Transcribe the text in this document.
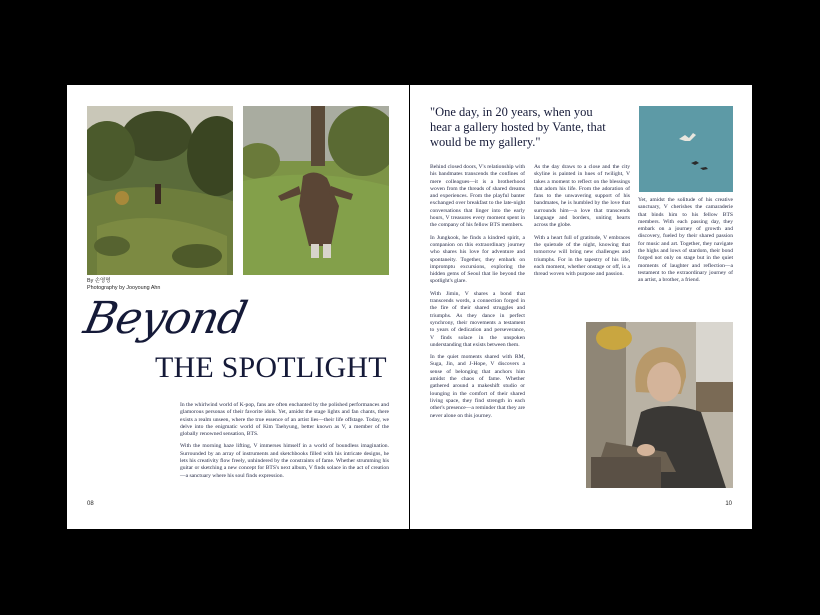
By 손영명
Photography by Jooyoung Ahn
Beyond
THE SPOTLIGHT

In the whirlwind world of K-pop, fans are often enchanted by the polished performances and glamorous personas of their favorite idols. Yet, amidst the stage lights and fan chants, there exists a realm unseen, where the true essence of an artist lies—their life offstage. Today, we delve into the enigmatic world of Kim Taehyung, better known as V, a member of the globally renowned sensation, BTS.

With the morning haze lifting, V immerses himself in a world of boundless imagination. Surrounded by an array of instruments and sketchbooks filled with his intricate designs, he lets his creativity flow freely, unhindered by the constraints of fame. Whether strumming his guitar or sketching a new concept for BTS's next album, V finds solace in the act of creation—a sanctuary where his soul finds expression.

08
"One day, in 20 years, when you hear a gallery hosted by Vante, that would be my gallery."

Behind closed doors, V's relationship with his bandmates transcends the confines of mere colleagues—it is a brotherhood woven from the threads of shared dreams and experiences. From the playful banter exchanged over breakfast to the late-night conversations that linger into the early hours, V treasures every moment spent in the company of his fellow BTS members.

In Jungkook, he finds a kindred spirit, a companion on this extraordinary journey who shares his love for adventure and spontaneity. Together, they embark on impromptu excursions, exploring the hidden gems of Seoul that lie beyond the spotlight's glare.

With Jimin, V shares a bond that transcends words, a connection forged in the fire of their shared struggles and triumphs. As they dance in perfect synchrony, their movements a testament to years of dedication and perseverance, V finds solace in the unspoken understanding that exists between them.

In the quiet moments shared with RM, Suga, Jin, and J-Hope, V discovers a sense of belonging that anchors him amidst the chaos of fame. Whether gathered around a makeshift studio or lounging in the comfort of their shared living space, they find strength in each other's presence—a reminder that they are never alone on this journey.

As the day draws to a close and the city skyline is painted in hues of twilight, V takes a moment to reflect on the blessings that adorn his life. From the adoration of fans to the unwavering support of his bandmates, he is humbled by the love that surrounds him—a love that transcends language and borders, uniting hearts across the globe.

With a heart full of gratitude, V embraces the quietude of the night, knowing that tomorrow will bring new challenges and triumphs. For in the tapestry of his life, each moment, whether onstage or off, is a thread woven with purpose and passion.

Yet, amidst the solitude of his creative sanctuary, V cherishes the camaraderie that binds him to his fellow BTS members. With each passing day, they embark on a journey of growth and discovery, fueled by their shared passion for music and art. Together, they navigate the highs and lows of stardom, their bond forged not only on stage but in the quiet moments of laughter and reflection—a testament to the extraordinary journey of an artist, a brother, a friend.

10
